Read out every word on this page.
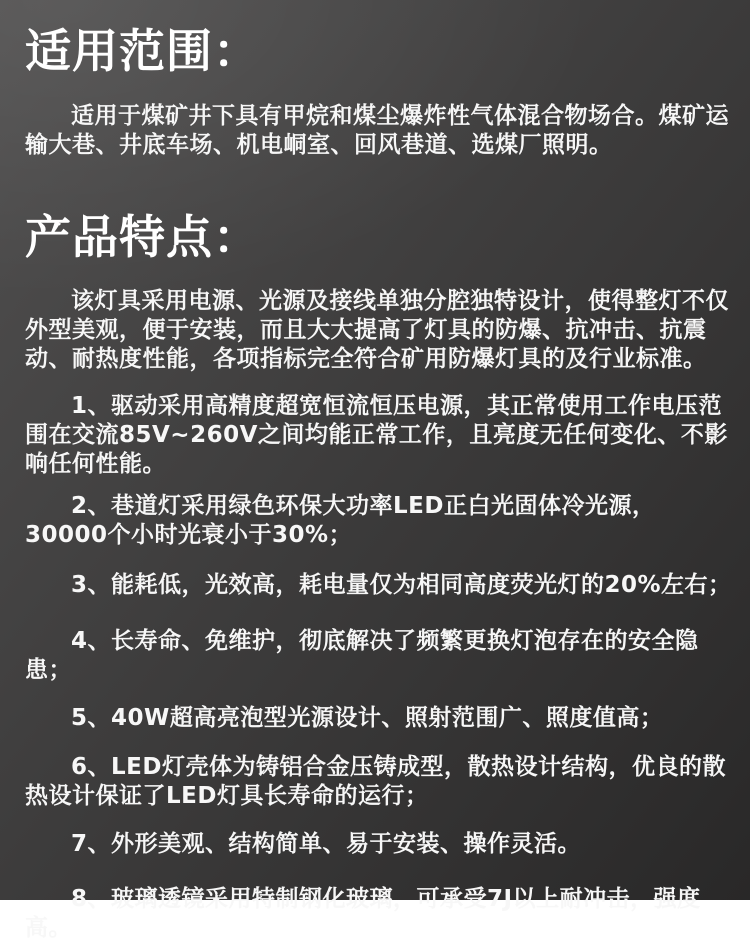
适用范围：

适用于煤矿井下具有甲烷和煤尘爆炸性气体混合物场合。煤矿运输大巷、井底车场、机电峒室、回风巷道、选煤厂照明。

产品特点：

该灯具采用电源、光源及接线单独分腔独特设计，使得整灯不仅外型美观，便于安装，而且大大提高了灯具的防爆、抗冲击、抗震动、耐热度性能，各项指标完全符合矿用防爆灯具的及行业标准。

1、驱动采用高精度超宽恒流恒压电源，其正常使用工作电压范围在交流85V~260V之间均能正常工作，且亮度无任何变化、不影响任何性能。

2、巷道灯采用绿色环保大功率LED正白光固体冷光源，30000个小时光衰小于30%；

3、能耗低，光效高，耗电量仅为相同高度荧光灯的20%左右；

4、长寿命、免维护，彻底解决了频繁更换灯泡存在的安全隐患；

5、40W超高亮泡型光源设计、照射范围广、照度值高；

6、LED灯壳体为铸铝合金压铸成型，散热设计结构，优良的散热设计保证了LED灯具长寿命的运行；

7、外形美观、结构简单、易于安装、操作灵活。

8、玻璃透镜采用特制钢化玻璃，可承受7J以上耐冲击，强度高。
